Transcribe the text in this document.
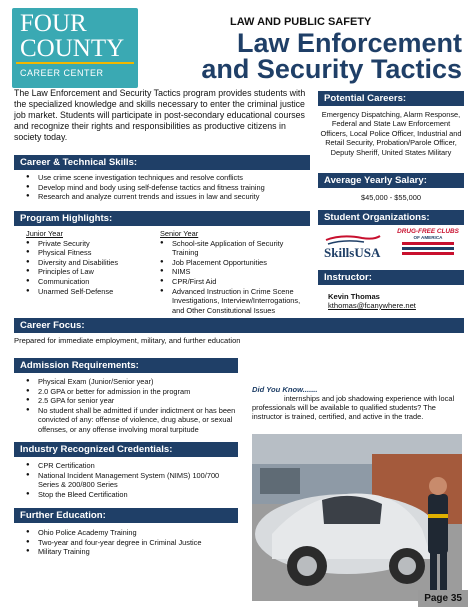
FOUR
COUNTY
CAREER CENTER
LAW AND PUBLIC SAFETY
Law Enforcement
and Security Tactics
The Law Enforcement and Security Tactics program provides students with the specialized knowledge and skills necessary to enter the criminal justice job market. Students will participate in post-secondary educational courses and recognize their rights and responsibilities as productive citizens in society today.
Career & Technical Skills:
● Use crime scene investigation techniques and resolve conflicts
● Develop mind and body using self-defense tactics and fitness training
● Research and analyze current trends and issues in law and security
Program Highlights:
Junior Year
● Private Security
● Physical Fitness
● Diversity and Disabilities
● Principles of Law
● Communication
● Unarmed Self-Defense
Senior Year
● School-site Application of Security Training
● Job Placement Opportunities
● NIMS
● CPR/First Aid
● Advanced Instruction in Crime Scene Investigations, Interview/Interrogations, and Other Constitutional Issues
Career Focus:
Prepared for immediate employment, military, and further education
Admission Requirements:
● Physical Exam (Junior/Senior year)
● 2.0 GPA or better for admission in the program
● 2.5 GPA for senior year
● No student shall be admitted if under indictment or has been convicted of any: offense of violence, drug abuse, or sexual offenses, or any offense involving moral turpitude
Industry Recognized Credentials:
● CPR Certification
● National Incident Management System (NIMS) 100/700 Series & 200/800 Series
● Stop the Bleed Certification
Further Education:
● Ohio Police Academy Training
● Two-year and four-year degree in Criminal Justice
● Military Training
Potential Careers:
Emergency Dispatching, Alarm Response, Federal and State Law Enforcement Officers, Local Police Officer, Industrial and Retail Security, Probation/Parole Officer, Deputy Sheriff, United States Military
Average Yearly Salary:
$45,000 - $55,000
Student Organizations:
SkillsUSA
DRUG-FREE CLUBS
OF AMERICA
Instructor:
Kevin Thomas
kthomas@fcanywhere.net
Did You Know.......
internships and job shadowing experience with local professionals will be available to qualified students? The instructor is trained, certified, and active in the trade.
Page 35
